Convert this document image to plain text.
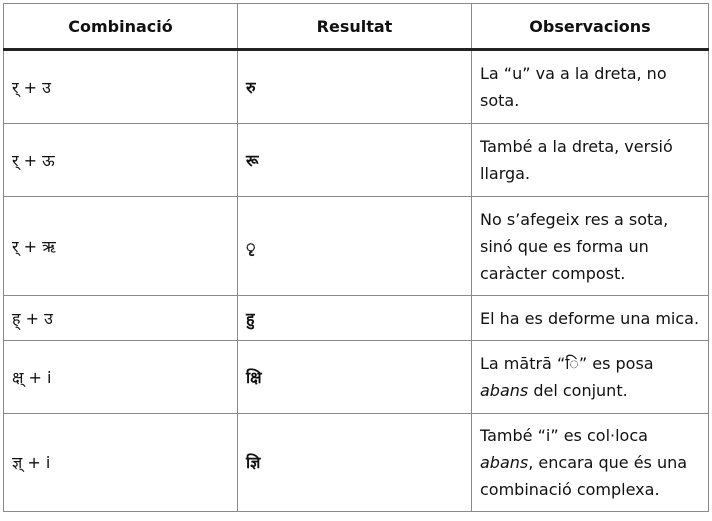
Combinació	Resultat	Observacions
र् + उ	रु	La “u” va a la dreta, no sota.
र् + ऊ	रू	També a la dreta, versió llarga.
र् + ऋ	ृ	No s’afegeix res a sota, sinó que es forma un caràcter compost.
ह् + उ	हु	El ha es deforme una mica.
क्ष् + i	क्षि	La mātrā “ि” es posa abans del conjunt.
ज्ञ् + i	ज्ञि	També “i” es col·loca abans, encara que és una combinació complexa.
